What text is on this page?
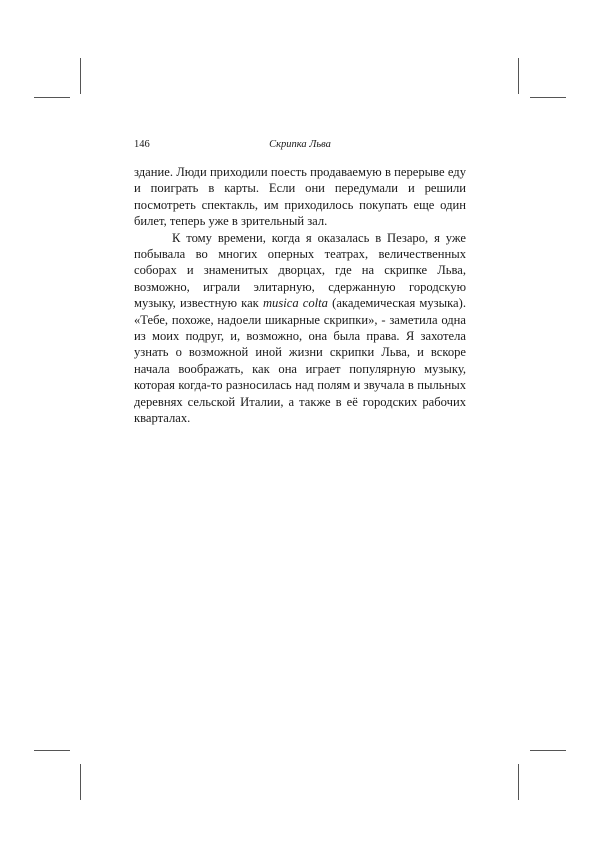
146	Скрипка Льва

здание. Люди приходили поесть продаваемую в перерыве еду и поиграть в карты. Если они передумали и решили посмотреть спектакль, им приходилось покупать еще один билет, теперь уже в зрительный зал.

К тому времени, когда я оказалась в Пезаро, я уже побывала во многих оперных театрах, величественных соборах и знаменитых дворцах, где на скрипке Льва, возможно, играли элитарную, сдержанную городскую музыку, известную как musica colta (академическая музыка). «Тебе, похоже, надоели шикарные скрипки», - заметила одна из моих подруг, и, возможно, она была права. Я захотела узнать о возможной иной жизни скрипки Льва, и вскоре начала воображать, как она играет популярную музыку, которая когда-то разносилась над полям и звучала в пыльных деревнях сельской Италии, а также в её городских рабочих кварталах.
